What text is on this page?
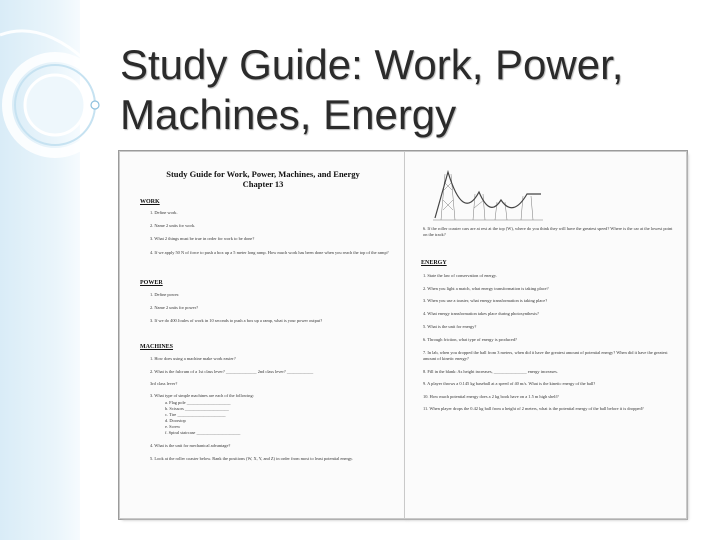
Study Guide: Work, Power,
Machines, Energy
Study Guide for Work, Power, Machines, and Energy
Chapter 13
WORK
1. Define work.
2. Name 2 units for work.
3. What 2 things must be true in order for work to be done?
4. If we apply 50 N of force to push a box up a 5 meter long ramp. How much work has been done when you reach the top of the ramp?
POWER
1. Define power.
2. Name 2 units for power?
3. If we do 400 Joules of work in 10 seconds to push a box up a ramp, what is your power output?
MACHINES
1. How does using a machine make work easier?
2. What is the fulcrum of a 1st class lever? ______________ 2nd class lever? ____________
3rd class lever?
3. What type of simple machines are each of the following:
a. Flag pole ____________________
b. Scissors ____________________
c. Tire ______________________
d. Doorstop
e. Screw
f. Spiral staircase ____________________
4. What is the unit for mechanical advantage?
5. Look at the roller coaster below. Rank the positions (W, X, Y, and Z) in order from most to least potential energy.
6. If the roller coaster cars are at rest at the top (W), where do you think they will have the greatest speed? Where is the car at the lowest point on the track?
ENERGY
1. State the law of conservation of energy.
2. When you light a match, what energy transformation is taking place?
3. When you use a toaster, what energy transformation is taking place?
4. What energy transformation takes place during photosynthesis?
5. What is the unit for energy?
6. Through friction, what type of energy is produced?
7. In lab, when you dropped the ball from 3 meters, when did it have the greatest amount of potential energy? When did it have the greatest amount of kinetic energy?
8. Fill in the blank: As height increases, _______________ energy increases.
9. A player throws a 0.145 kg baseball at a speed of 40 m/s. What is the kinetic energy of the ball?
10. How much potential energy does a 2 kg book have on a 1.5 m high shelf?
11. When player drops the 0.42 kg ball from a height of 2 meters, what is the potential energy of the ball before it is dropped?
